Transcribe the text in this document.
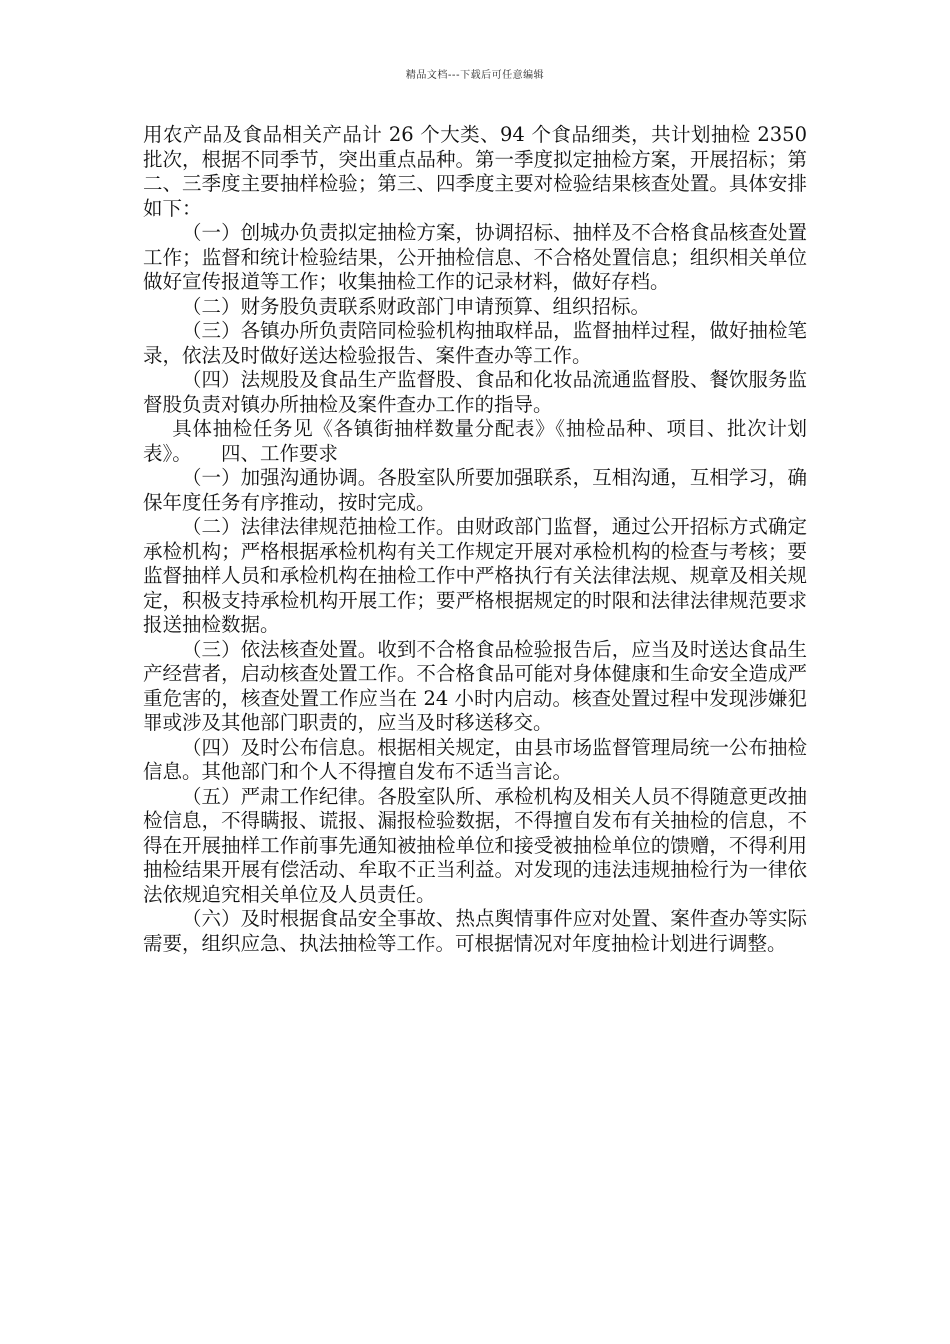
精品文档---下载后可任意编辑

用农产品及食品相关产品计 26 个大类、94 个食品细类，共计划抽检 2350 批次，根据不同季节，突出重点品种。第一季度拟定抽检方案，开展招标；第二、三季度主要抽样检验；第三、四季度主要对检验结果核查处置。具体安排如下：

（一）创城办负责拟定抽检方案，协调招标、抽样及不合格食品核查处置工作；监督和统计检验结果，公开抽检信息、不合格处置信息；组织相关单位做好宣传报道等工作；收集抽检工作的记录材料，做好存档。

（二）财务股负责联系财政部门申请预算、组织招标。

（三）各镇办所负责陪同检验机构抽取样品，监督抽样过程，做好抽检笔录，依法及时做好送达检验报告、案件查办等工作。

（四）法规股及食品生产监督股、食品和化妆品流通监督股、餐饮服务监督股负责对镇办所抽检及案件查办工作的指导。

具体抽检任务见《各镇街抽样数量分配表》《抽检品种、项目、批次计划表》。　　四、工作要求

（一）加强沟通协调。各股室队所要加强联系，互相沟通，互相学习，确保年度任务有序推动，按时完成。

（二）法律法律规范抽检工作。由财政部门监督，通过公开招标方式确定承检机构；严格根据承检机构有关工作规定开展对承检机构的检查与考核；要监督抽样人员和承检机构在抽检工作中严格执行有关法律法规、规章及相关规定，积极支持承检机构开展工作；要严格根据规定的时限和法律法律规范要求报送抽检数据。

（三）依法核查处置。收到不合格食品检验报告后，应当及时送达食品生产经营者，启动核查处置工作。不合格食品可能对身体健康和生命安全造成严重危害的，核查处置工作应当在 24 小时内启动。核查处置过程中发现涉嫌犯罪或涉及其他部门职责的，应当及时移送移交。

（四）及时公布信息。根据相关规定，由县市场监督管理局统一公布抽检信息。其他部门和个人不得擅自发布不适当言论。

（五）严肃工作纪律。各股室队所、承检机构及相关人员不得随意更改抽检信息，不得瞒报、谎报、漏报检验数据，不得擅自发布有关抽检的信息，不得在开展抽样工作前事先通知被抽检单位和接受被抽检单位的馈赠，不得利用抽检结果开展有偿活动、牟取不正当利益。对发现的违法违规抽检行为一律依法依规追究相关单位及人员责任。

（六）及时根据食品安全事故、热点舆情事件应对处置、案件查办等实际需要，组织应急、执法抽检等工作。可根据情况对年度抽检计划进行调整。
